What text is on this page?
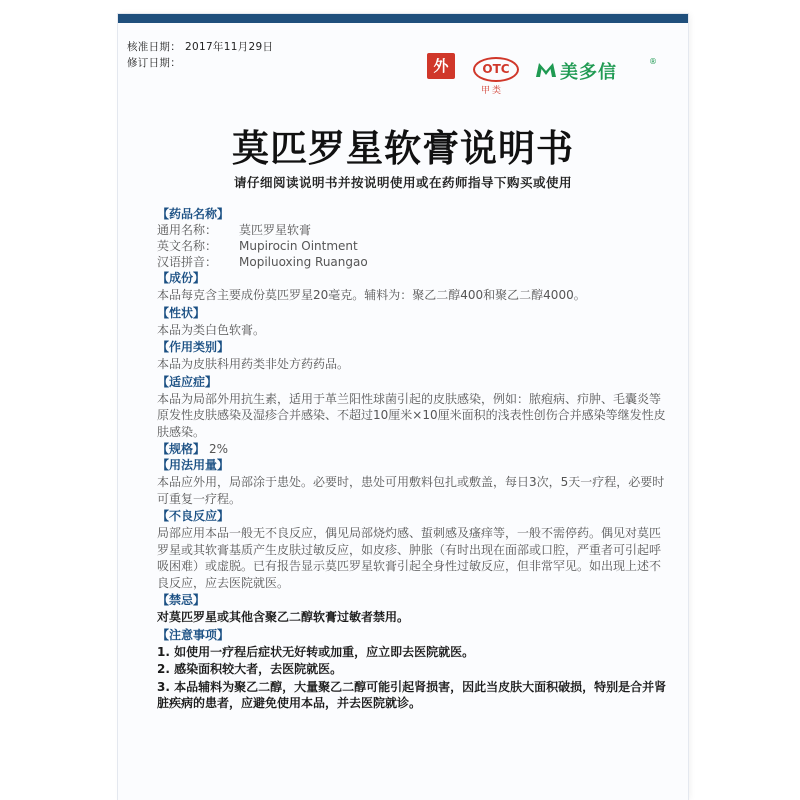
核准日期： 2017年11月29日
修订日期：	外	OTC
甲类
美多信
®
莫匹罗星软膏说明书
请仔细阅读说明书并按说明使用或在药师指导下购买或使用
【药品名称】
通用名称： 莫匹罗星软膏
英文名称： Mupirocin Ointment
汉语拼音： Mopiluoxing Ruangao
【成份】
本品每克含主要成份莫匹罗星20毫克。辅料为：聚乙二醇400和聚乙二醇4000。
【性状】
本品为类白色软膏。
【作用类别】
本品为皮肤科用药类非处方药药品。
【适应症】
本品为局部外用抗生素，适用于革兰阳性球菌引起的皮肤感染，例如：脓疱病、疖肿、毛囊炎等原发性皮肤感染及湿疹合并感染、不超过10厘米×10厘米面积的浅表性创伤合并感染等继发性皮肤感染。
【规格】 2%
【用法用量】
本品应外用，局部涂于患处。必要时，患处可用敷料包扎或敷盖，每日3次，5天一疗程，必要时可重复一疗程。
【不良反应】
局部应用本品一般无不良反应，偶见局部烧灼感、蜇刺感及瘙痒等，一般不需停药。偶见对莫匹罗星或其软膏基质产生皮肤过敏反应，如皮疹、肿胀（有时出现在面部或口腔，严重者可引起呼吸困难）或虚脱。已有报告显示莫匹罗星软膏引起全身性过敏反应，但非常罕见。如出现上述不良反应，应去医院就医。
【禁忌】
对莫匹罗星或其他含聚乙二醇软膏过敏者禁用。
【注意事项】
1. 如使用一疗程后症状无好转或加重，应立即去医院就医。
2. 感染面积较大者，去医院就医。
3. 本品辅料为聚乙二醇，大量聚乙二醇可能引起肾损害，因此当皮肤大面积破损，特别是合并肾脏疾病的患者，应避免使用本品，并去医院就诊。
